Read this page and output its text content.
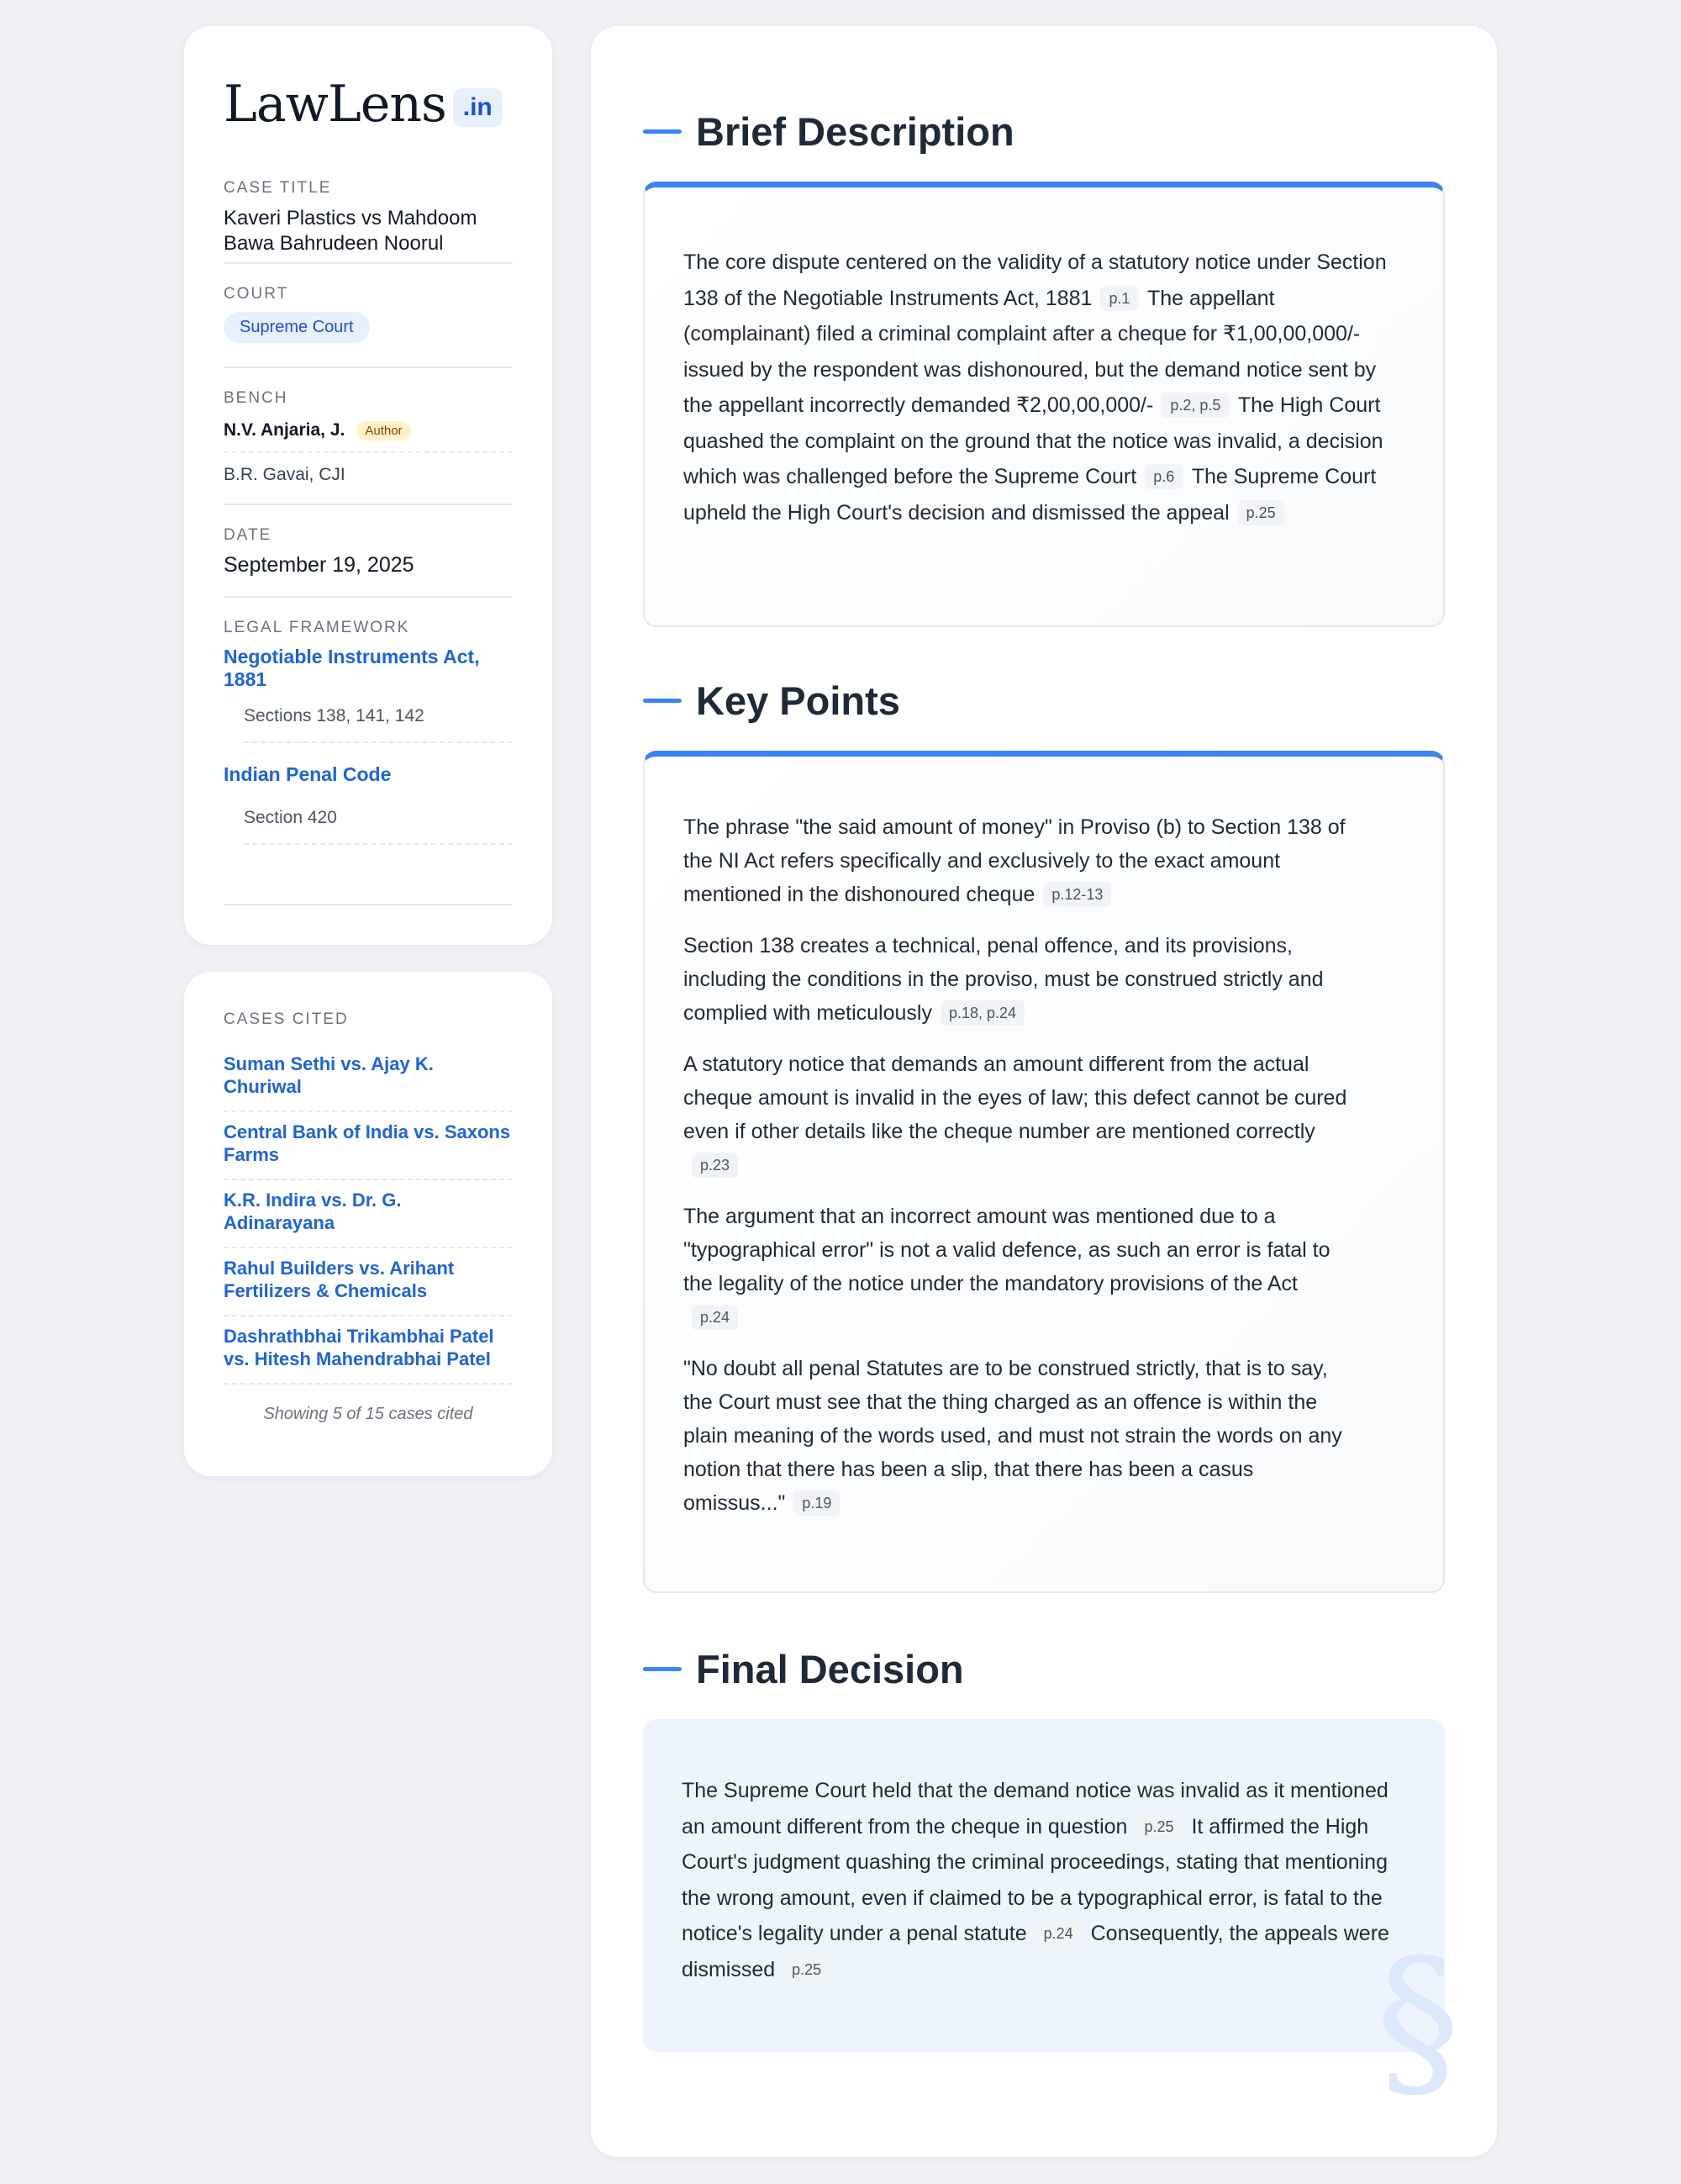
LawLens .in
CASE TITLE
Kaveri Plastics vs Mahdoom Bawa Bahrudeen Noorul
COURT
Supreme Court
BENCH
N.V. Anjaria, J.	Author
B.R. Gavai, CJI
DATE
September 19, 2025
LEGAL FRAMEWORK
Negotiable Instruments Act, 1881
Sections 138, 141, 142
Indian Penal Code
Section 420
CASES CITED
Suman Sethi vs. Ajay K. Churiwal
Central Bank of India vs. Saxons Farms
K.R. Indira vs. Dr. G. Adinarayana
Rahul Builders vs. Arihant Fertilizers & Chemicals
Dashrathbhai Trikambhai Patel vs. Hitesh Mahendrabhai Patel
Showing 5 of 15 cases cited
Brief Description

The core dispute centered on the validity of a statutory notice under Section 138 of the Negotiable Instruments Act, 1881 p.1 The appellant (complainant) filed a criminal complaint after a cheque for ₹1,00,00,000/- issued by the respondent was dishonoured, but the demand notice sent by the appellant incorrectly demanded ₹2,00,00,000/- p.2, p.5 The High Court quashed the complaint on the ground that the notice was invalid, a decision which was challenged before the Supreme Court p.6 The Supreme Court upheld the High Court's decision and dismissed the appeal p.25

Key Points

The phrase "the said amount of money" in Proviso (b) to Section 138 of the NI Act refers specifically and exclusively to the exact amount mentioned in the dishonoured cheque p.12-13

Section 138 creates a technical, penal offence, and its provisions, including the conditions in the proviso, must be construed strictly and complied with meticulously p.18, p.24

A statutory notice that demands an amount different from the actual cheque amount is invalid in the eyes of law; this defect cannot be cured even if other details like the cheque number are mentioned correctlyp.23

The argument that an incorrect amount was mentioned due to a "typographical error" is not a valid defence, as such an error is fatal to the legality of the notice under the mandatory provisions of the Actp.24

"No doubt all penal Statutes are to be construed strictly, that is to say, the Court must see that the thing charged as an offence is within the plain meaning of the words used, and must not strain the words on any notion that there has been a slip, that there has been a casus omissus..." p.19

Final Decision

The Supreme Court held that the demand notice was invalid as it mentioned an amount different from the cheque in question p.25 It affirmed the High Court's judgment quashing the criminal proceedings, stating that mentioning the wrong amount, even if claimed to be a typographical error, is fatal to the notice's legality under a penal statute p.24 Consequently, the appeals were dismissed p.25	§
